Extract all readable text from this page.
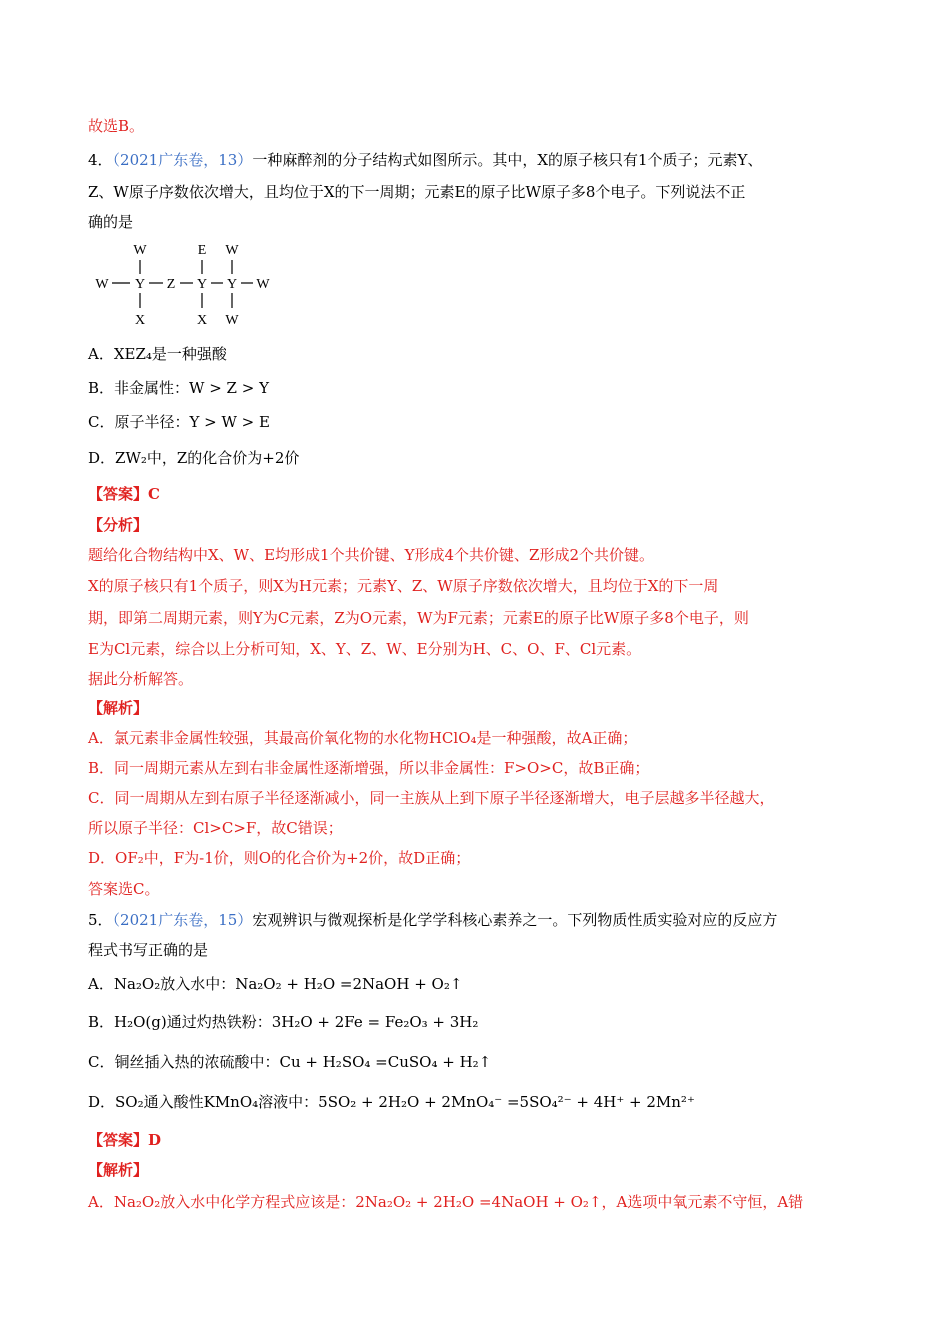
故选B。
4．（2021广东卷，13）一种麻醉剂的分子结构式如图所示。其中，X的原子核只有1个质子；元素Y、
Z、W原子序数依次增大，且均位于X的下一周期；元素E的原子比W原子多8个电子。下列说法不正
确的是
W	E W
W Y Z Y Y W
X	X W
A．XEZ₄是一种强酸
B．非金属性：W > Z > Y
C．原子半径：Y > W > E
D．ZW₂中，Z的化合价为+2价
【答案】C
【分析】
题给化合物结构中X、W、E均形成1个共价键、Y形成4个共价键、Z形成2个共价键。
X的原子核只有1个质子，则X为H元素；元素Y、Z、W原子序数依次增大，且均位于X的下一周
期，即第二周期元素，则Y为C元素，Z为O元素，W为F元素；元素E的原子比W原子多8个电子，则
E为Cl元素，综合以上分析可知，X、Y、Z、W、E分别为H、C、O、F、Cl元素。
据此分析解答。
【解析】
A．氯元素非金属性较强，其最高价氧化物的水化物HClO₄是一种强酸，故A正确；
B．同一周期元素从左到右非金属性逐渐增强，所以非金属性：F>O>C，故B正确；
C．同一周期从左到右原子半径逐渐减小，同一主族从上到下原子半径逐渐增大，电子层越多半径越大，
所以原子半径：Cl>C>F，故C错误；
D．OF₂中，F为-1价，则O的化合价为+2价，故D正确；
答案选C。
5．（2021广东卷，15）宏观辨识与微观探析是化学学科核心素养之一。下列物质性质实验对应的反应方
程式书写正确的是
A．Na₂O₂放入水中：Na₂O₂ + H₂O =2NaOH + O₂↑
B．H₂O(g)通过灼热铁粉：3H₂O + 2Fe = Fe₂O₃ + 3H₂
C．铜丝插入热的浓硫酸中：Cu + H₂SO₄ =CuSO₄ + H₂↑
D．SO₂通入酸性KMnO₄溶液中：5SO₂ + 2H₂O + 2MnO₄⁻ =5SO₄²⁻ + 4H⁺ + 2Mn²⁺
【答案】D
【解析】
A．Na₂O₂放入水中化学方程式应该是：2Na₂O₂ + 2H₂O =4NaOH + O₂↑，A选项中氧元素不守恒，A错
